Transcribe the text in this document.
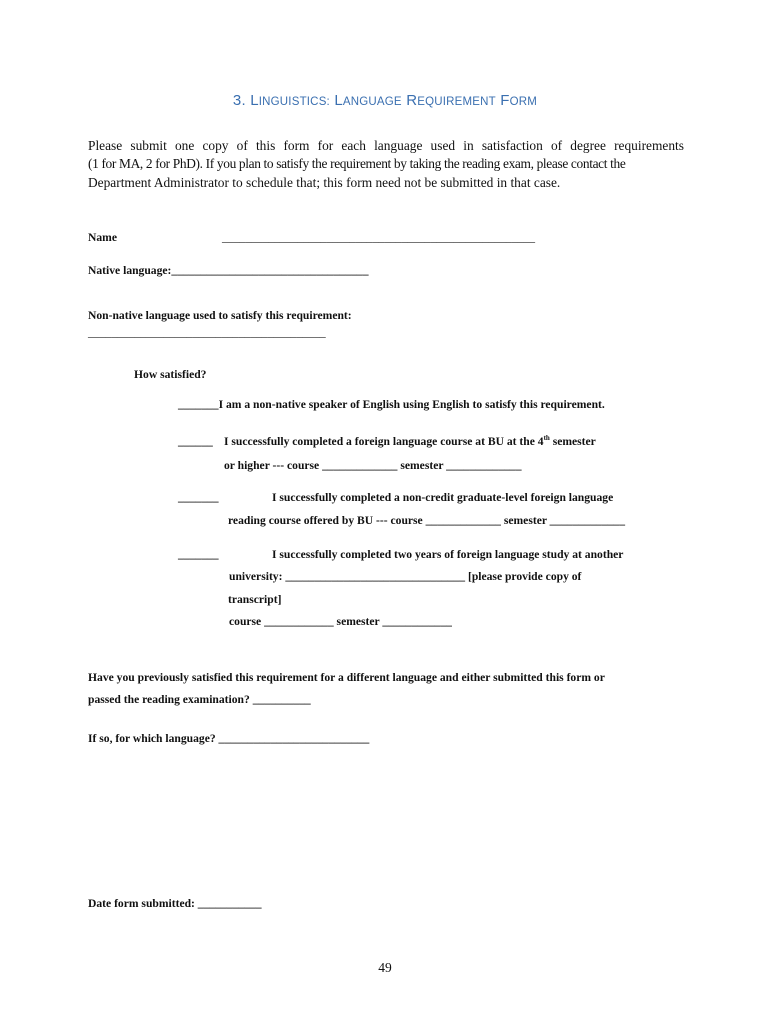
3. LINGUISTICS: LANGUAGE REQUIREMENT FORM
Please submit one copy of this form for each language used in satisfaction of degree requirements
(1 for MA, 2 for PhD). If you plan to satisfy the requirement by taking the reading exam, please contact the
Department Administrator to schedule that; this form need not be submitted in that case.
Name	______________________________________________________
Native language:__________________________________
Non-native language used to satisfy this requirement:
_________________________________________
How satisfied?
_______I am a non-native speaker of English using English to satisfy this requirement.
______ I successfully completed a foreign language course at BU at the 4th semester
or higher --- course _____________ semester _____________
_______	I successfully completed a non-credit graduate-level foreign language
reading course offered by BU --- course _____________ semester _____________
_______	I successfully completed two years of foreign language study at another
university: _______________________________ [please provide copy of
transcript]
course ____________ semester ____________
Have you previously satisfied this requirement for a different language and either submitted this form or
passed the reading examination? __________
If so, for which language? __________________________
Date form submitted: ___________
49
